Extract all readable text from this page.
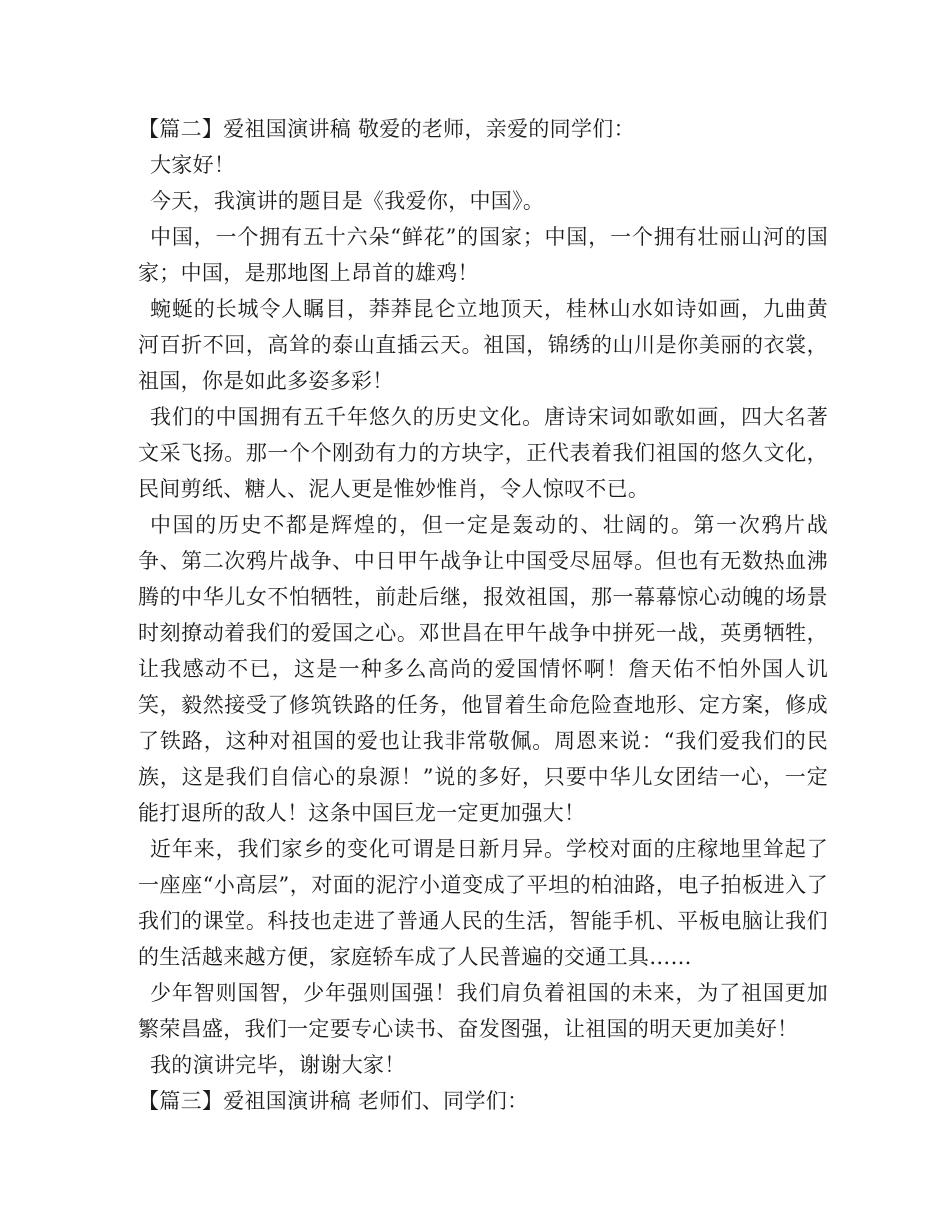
【篇二】爱祖国演讲稿 敬爱的老师，亲爱的同学们：

大家好！

今天，我演讲的题目是《我爱你，中国》。

中国，一个拥有五十六朵“鲜花”的国家；中国，一个拥有壮丽山河的国家；中国，是那地图上昂首的雄鸡！

蜿蜒的长城令人瞩目，莽莽昆仑立地顶天，桂林山水如诗如画，九曲黄河百折不回，高耸的泰山直插云天。祖国，锦绣的山川是你美丽的衣裳，祖国，你是如此多姿多彩！

我们的中国拥有五千年悠久的历史文化。唐诗宋词如歌如画，四大名著文采飞扬。那一个个刚劲有力的方块字，正代表着我们祖国的悠久文化，民间剪纸、糖人、泥人更是惟妙惟肖，令人惊叹不已。

中国的历史不都是辉煌的，但一定是轰动的、壮阔的。第一次鸦片战争、第二次鸦片战争、中日甲午战争让中国受尽屈辱。但也有无数热血沸腾的中华儿女不怕牺牲，前赴后继，报效祖国，那一幕幕惊心动魄的场景时刻撩动着我们的爱国之心。邓世昌在甲午战争中拼死一战，英勇牺牲，让我感动不已，这是一种多么高尚的爱国情怀啊！詹天佑不怕外国人讥笑，毅然接受了修筑铁路的任务，他冒着生命危险查地形、定方案，修成了铁路，这种对祖国的爱也让我非常敬佩。周恩来说：“我们爱我们的民族，这是我们自信心的泉源！”说的多好，只要中华儿女团结一心，一定能打退所的敌人！这条中国巨龙一定更加强大！

近年来，我们家乡的变化可谓是日新月异。学校对面的庄稼地里耸起了一座座“小高层”，对面的泥泞小道变成了平坦的柏油路，电子拍板进入了我们的课堂。科技也走进了普通人民的生活，智能手机、平板电脑让我们的生活越来越方便，家庭轿车成了人民普遍的交通工具……

少年智则国智，少年强则国强！我们肩负着祖国的未来，为了祖国更加繁荣昌盛，我们一定要专心读书、奋发图强，让祖国的明天更加美好！

我的演讲完毕，谢谢大家！

【篇三】爱祖国演讲稿 老师们、同学们：
